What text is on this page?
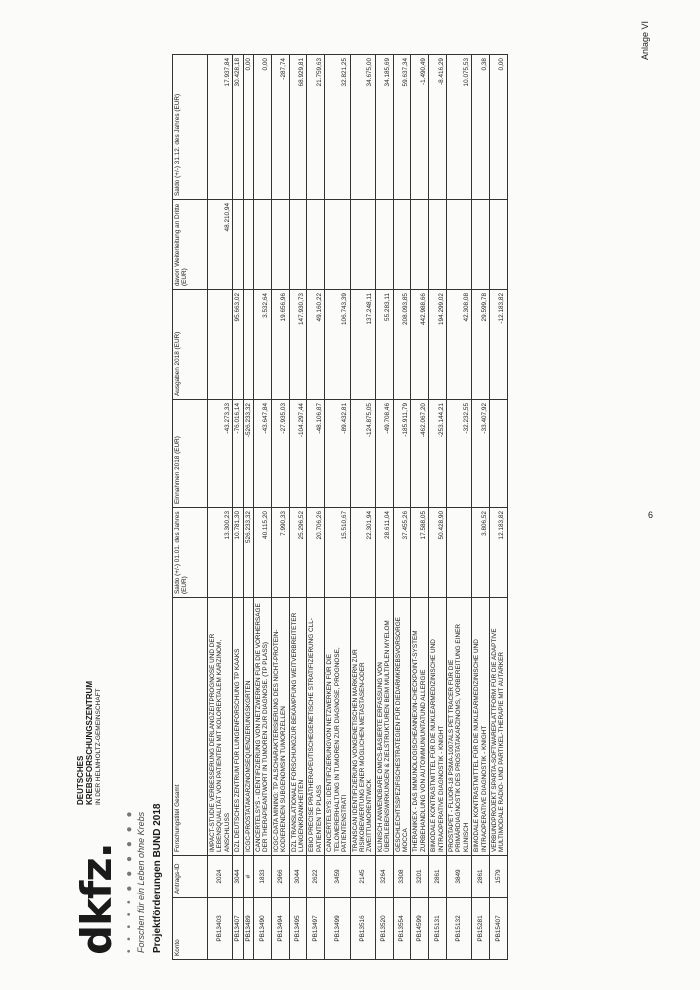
Anlage VI
6
dkfz.
DEUTSCHES KREBSFORSCHUNGSZENTRUM IN DER HELMHOLTZ-GEMEINSCHAFT
• • • • • ● ● ● ● ● ● Forschen für ein Leben ohne Krebs Projektförderungen BUND 2018 Konto	Antrags-ID	Forschungstitel Gesamt	Saldo (+/-) 01.01. des Jahres (EUR)	Einnahmen 2018 (EUR)	Ausgaben 2018 (EUR)	davon Weiterleitung an Dritte (EUR)	Saldo (+/-) 31.12. des Jahres (EUR)
PB13403	2024	IMPACT-STUDIE VERBESSERUNG DERLANGZEITPROGNOSE UND DER LEBENSQUALITÄT VON PATIENTEN MIT KOLOREKTALEM KARZINOM, ANSCHLUSS	13.300,23	-43.273,33		48.210,94	17.937,84
PB13407	3044	DZL DEUTSCHES ZENTRUM FÜR LUNGENFORSCHUNG TP KAAKS	10.781,30	-76.016,14	95.663,02		30.428,18
PB13489	#	ICGC-PROSTATAKARZINOMSEQUENZIERUNGSKGRTEN	526.233,32	-526.233,32			0,00
PB13490	1833	CANCERTELSYS - IDENTIFIZIERUNG VON NETZWERKEN FÜR DIE VORHERSAGE DER THERAPIEANTWORT IN TUMOREN ZUR DIAGNOSE. (TP PLASS)	40.115,20	-43.647,84	3.532,64		0,00
PB13494	2966	ICGC-DATA MINING: TP ALSCHARAKTERISIERUNG DES NICHT-PROTEIN-KODIERENDEN SUBGENOMSIN TUMORZELLEN	7.990,33	-27.935,03	19.656,96		-287,74
PB13495	3044	DZL TRANSLATIONALE FORSCHUNGZUR BEKÄMPFUNG WEITVERBREITETER LUNGENKRANKHEITEN	25.296,52	-104.297,44	147.930,73		68.929,81
PB13497	2622	EBIO PRECISE PRÄTHERAPEUTISCHEGENETISCHE STRATIFIZIERUNG CLL-PATIENTEN TP PLASS	20.706,26	-48.106,87	49.160,22		21.759,63
PB13499	3459	CANCERTELSYS: IDENTIFIZIERUNGVON NETZWERKEN FÜR DIE TELOMERERHALTUNG IN TUMOREN ZUR DIAGNOSE, PROGNOSE, PATIENTENSTRATI	15.510,67	-89.432,81	106.743,39		32.821,25
PB13516	2145	TRANSCAN IDENTIFIZIERUNG VONGENETISCHEN MARKERN ZUR RISIKOBEWERTUNG EINER MÖGLICHEN METASTASEN-ODER ZWEITTUMORENTWICK	22.301,94	-124.875,05	137.248,11		34.675,00
PB13520	3264	KLINISCH ANWENDBARE OMICS-BASIERTE ERFASSUNG VON ÜBERLEBENSWIRKUNGEN & ZIELSTRUKTUREN BEIM MULTIPLEN MYELOM	28.611,04	-49.708,46	55.283,11		34.185,69
PB13554	3308	GESCHLECHTSSPEZIFISCHESTRATEGIEN FÜR DIEDARMKREBSVORSORGE MOCCA	37.455,26	-185.911,79	208.093,85		59.637,34
PB14599	3201	THERANIKEX - DAS IMMUNOLOGISCHEANNEXIN-CHECKPOINT-SYSTEM ZURBEHANDLUNG VON AUTOIMMUN/UNTATUND ALLERGIE	17.588,05	-462.067,20	442.988,66		-1.490,49
PB15131	2861	BIMODALE KONTRASTMITTEL FÜR DIE NUKLEARMEDIZINISCHE UND INTRAOPERATIVE DIAGNOSTIK - KNIGHT	50.428,90	-253.144,21	194.299,02		-8.416,29
PB15132	3849	PROSTAPET - FLUOR-18 PSMA-1007ALS PET TRACER FÜR DIE PRIMÄRDIAGNOSTIK DES PROSTATAKARZINOMS, VORBEREITUNG EINER KLINISCH		-32.232,55	42.308,08		10.075,53
PB15281	2861	BIMODALE KONTRASTMITTEL FÜR DIE NUKLEARMEDIZINISCHE UND INTRAOPERATIVE DIAGNOSTIK - KNIGHT	3.806,52	-33.407,92	29.599,78		0,38
PB15407	1579	VERBUNDPROJEKT SPARTA-SOFTWAREPLATTFORM FÜR DIE ADAPTIVE MULTIMODALE RADIO- UND PARTIKEL-THERAPIE MIT AUTARKER	12.183,82		-12.183,82		0,00
